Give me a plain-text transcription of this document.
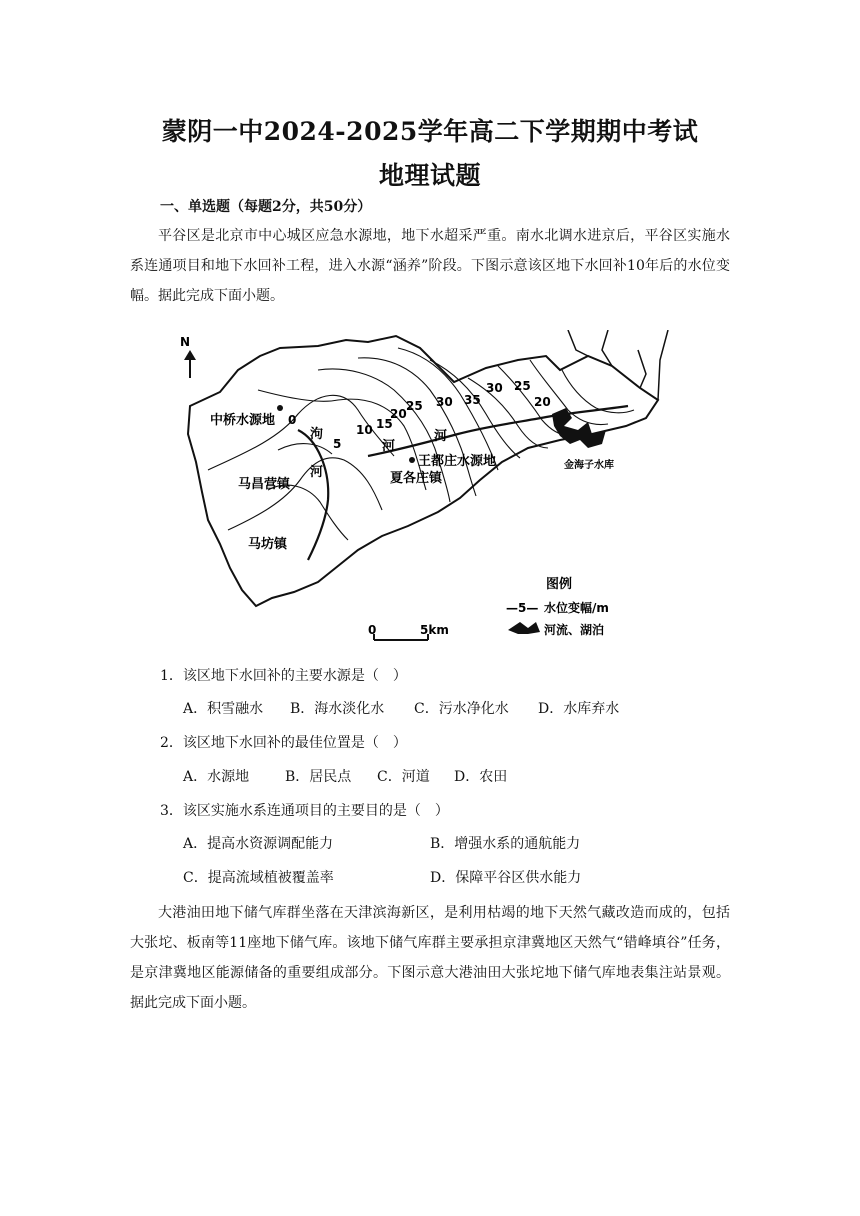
蒙阴一中2024-2025学年高二下学期期中考试
地理试题
一、单选题（每题2分，共50分）
平谷区是北京市中心城区应急水源地，地下水超采严重。南水北调水进京后，平谷区实施水系连通项目和地下水回补工程，进入水源“涵养”阶段。下图示意该区地下水回补10年后的水位变幅。据此完成下面小题。
N
0
5
10 15
20
25 30 35
30 25
20
泃
河
河
河
中桥水源地
王都庄水源地
马昌营镇	夏各庄镇
马坊镇
金海子水库
0	5km
图例
—5— 水位变幅/m
河流、湖泊
1．该区地下水回补的主要水源是（　）
A．积雪融水 B．海水淡化水 C．污水净化水 D．水库弃水
2．该区地下水回补的最佳位置是（　）
A．水源地	B．居民点 C．河道 D．农田
3．该区实施水系连通项目的主要目的是（　）
A．提高水资源调配能力	B．增强水系的通航能力
C．提高流域植被覆盖率	D．保障平谷区供水能力
大港油田地下储气库群坐落在天津滨海新区，是利用枯竭的地下天然气藏改造而成的，包括大张坨、板南等11座地下储气库。该地下储气库群主要承担京津冀地区天然气“错峰填谷”任务，是京津冀地区能源储备的重要组成部分。下图示意大港油田大张坨地下储气库地表集注站景观。据此完成下面小题。
